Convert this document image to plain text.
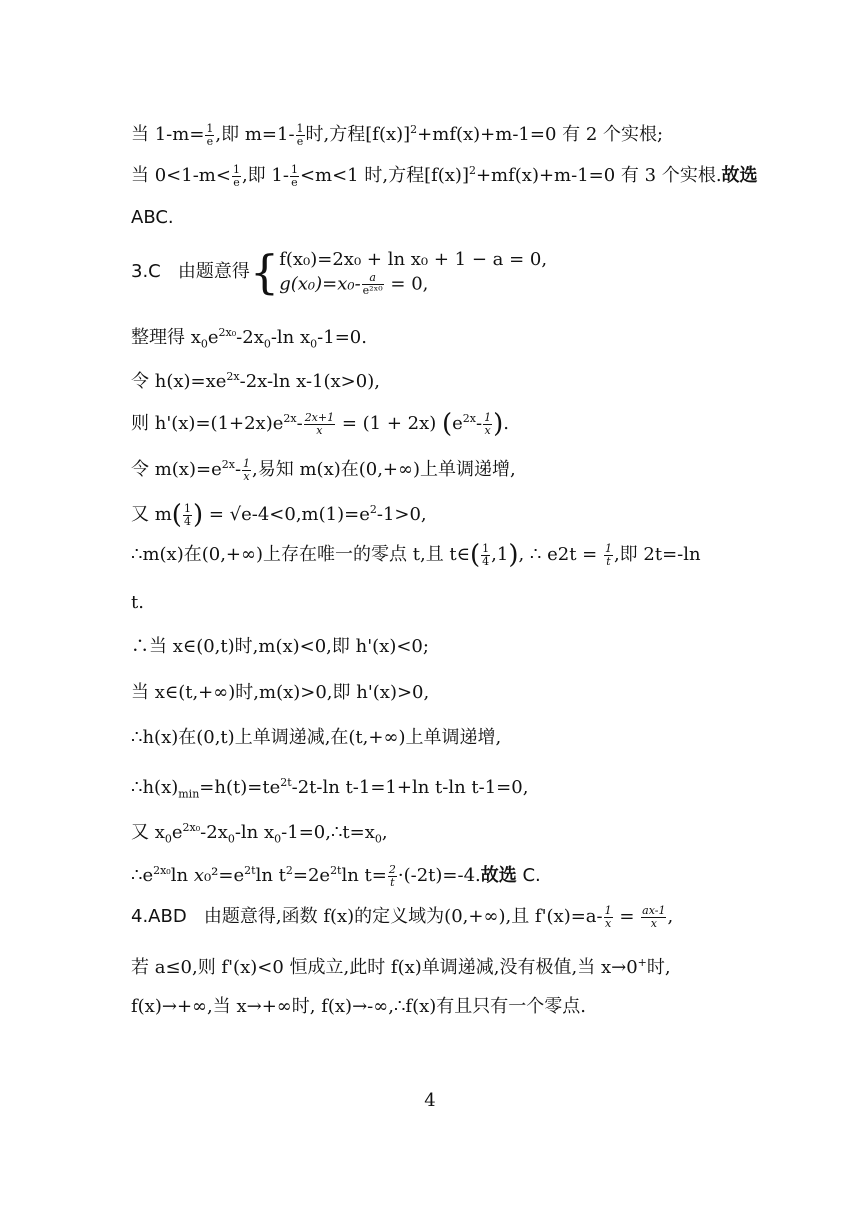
当 $1-m= \frac{1}{e}$ ,即 $m=1- \frac{1}{e}$ 时,方程$[f(x)]^2+mf(x)+m-1=0$ 有 2 个实根;
当 $0<1-m< \frac{1}{e}$ ,即 $1- \frac{1}{e} <m<1$ 时,方程$[f(x)]^2+mf(x)+m-1=0$ 有 3 个实根.故选
ABC.
3.C 由题意得{ f(x₀)=2x₀ + ln x₀ + 1 − a = 0,
$g(x_0)=x_0- \frac{a}{\text{e²ˣ⁰}} = 0$,
整理得 $x_0e^{2x_0}-2x_0-\ln$ $x_0-1=0$.
令 $h(x)=xe^{2x}-2x-\ln$ x-1(x>0),
则 $h'(x)=(1+2x)e^{2x}- \frac{2x+1}{x} = (1 + 2x)$ ($e^{2x}- \frac{1}{x}$ ).
令 $m(x)=e^{2x}- \frac{1}{x}$ ,易知 m(x)在(0,+∞)上单调递增,
又 $m( \frac{1}{4}$ ) = $√e-4<0,m(1)=e^2-1>0$,
∴m(x)在(0,+∞)上存在唯一的零点 t,且 t∈( $\frac{1}{4} ,1$), ∴ $e2t = \frac{1}{t}$ ,即 2t=-ln
t.
∴当 x∈(0,t)时,m(x)<0,即 h'(x)<0;
当 x∈(t,+∞)时,m(x)>0,即 h'(x)>0,
∴h(x)在(0,t)上单调递减,在(t,+∞)上单调递增,
$\therefore h(x)_{min}=h(t)=te^{2t}-2t-\ln$ t-1=1+ln t-ln t-1=0,
又 $x_0e^{2x_0}-2x_0-\ln$ $x_0-1=0,\therefore t=x_0$,
$\therefore e^{2x_0}\ln$ $x_0^2=e^{2t}\ln$ $t^2=2e^{2t}\ln$ $t= \frac{2}{t} \cdot(-2t)=-4$.故选 C.
4.ABD 由题意得,函数 f(x)的定义域为(0,+∞),且 $f'(x)=a- \frac{1}{x} = \frac{ax-1}{x}$ ,
若 a≤0,则 f'(x)<0 恒成立,此时 f(x)单调递减,没有极值,当 x→0+时,
f(x)→+∞,当 x→+∞时, f(x)→-∞,∴f(x)有且只有一个零点.
4
